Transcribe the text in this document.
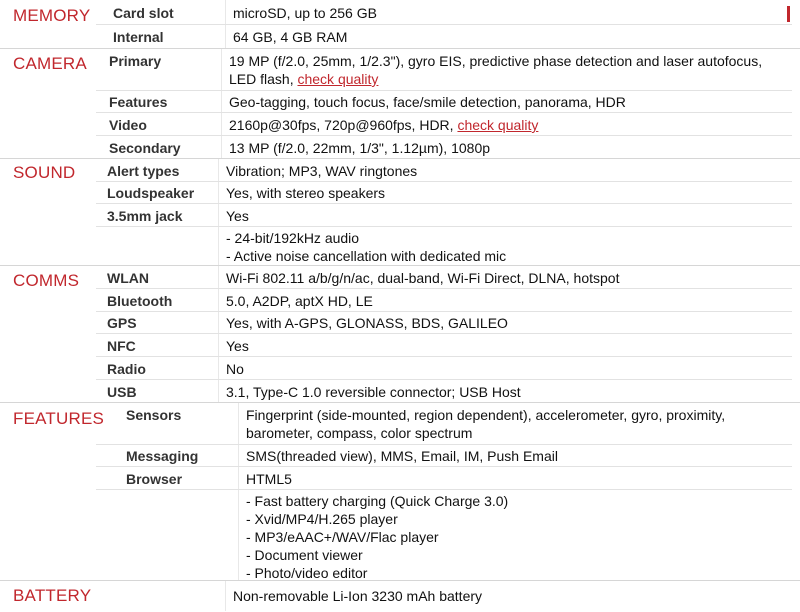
MEMORY Card slot	microSD, up to 256 GB
Internal	64 GB, 4 GB RAM
CAMERA Primary	19 MP (f/2.0, 25mm, 1/2.3"), gyro EIS, predictive phase detection and laser autofocus, LED flash, check quality
Features	Geo-tagging, touch focus, face/smile detection, panorama, HDR
Video	2160p@30fps, 720p@960fps, HDR, check quality
Secondary	13 MP (f/2.0, 22mm, 1/3", 1.12µm), 1080p
SOUND Alert types	Vibration; MP3, WAV ringtones
Loudspeaker Yes, with stereo speakers
3.5mm jack	Yes
- 24-bit/192kHz audio
- Active noise cancellation with dedicated mic
COMMS WLAN	Wi-Fi 802.11 a/b/g/n/ac, dual-band, Wi-Fi Direct, DLNA, hotspot
Bluetooth	5.0, A2DP, aptX HD, LE
GPS	Yes, with A-GPS, GLONASS, BDS, GALILEO
NFC	Yes
Radio	No
USB	3.1, Type-C 1.0 reversible connector; USB Host
FEATURES Sensors	Fingerprint (side-mounted, region dependent), accelerometer, gyro, proximity, barometer, compass, color spectrum
Messaging	SMS(threaded view), MMS, Email, IM, Push Email
Browser	HTML5
- Fast battery charging (Quick Charge 3.0)
- Xvid/MP4/H.265 player
- MP3/eAAC+/WAV/Flac player
- Document viewer
- Photo/video editor
BATTERY	Non-removable Li-Ion 3230 mAh battery
